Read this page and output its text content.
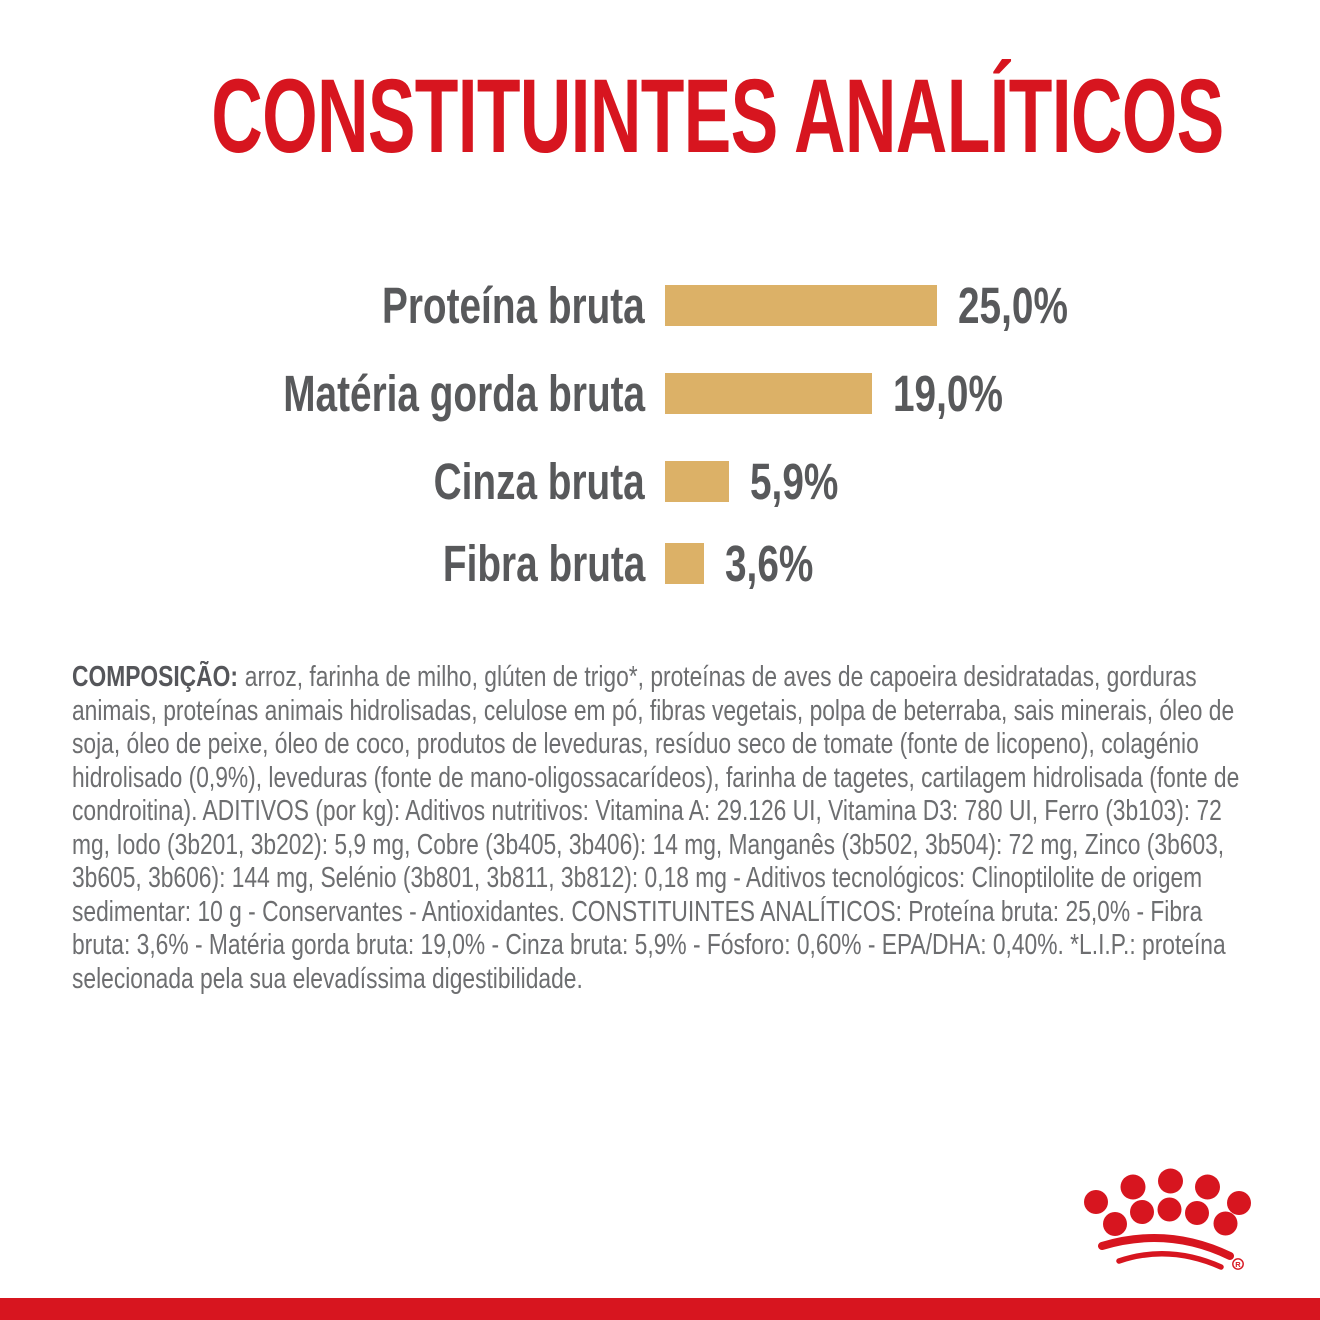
CONSTITUINTES ANALÍTICOS
Proteína bruta	25,0%
Matéria gorda bruta	19,0%
Cinza bruta 5,9%
Fibra bruta 3,6%

COMPOSIÇÃO: arroz, farinha de milho, glúten de trigo*, proteínas de aves de capoeira desidratadas, gorduras animais, proteínas animais hidrolisadas, celulose em pó, fibras vegetais, polpa de beterraba, sais minerais, óleo de soja, óleo de peixe, óleo de coco, produtos de leveduras, resíduo seco de tomate (fonte de licopeno), colagénio hidrolisado (0,9%), leveduras (fonte de mano-oligossacarídeos), farinha de tagetes, cartilagem hidrolisada (fonte de condroitina). ADITIVOS (por kg): Aditivos nutritivos: Vitamina A: 29.126 UI, Vitamina D3: 780 UI, Ferro (3b103): 72 mg, Iodo (3b201, 3b202): 5,9 mg, Cobre (3b405, 3b406): 14 mg, Manganês (3b502, 3b504): 72 mg, Zinco (3b603, 3b605, 3b606): 144 mg, Selénio (3b801, 3b811, 3b812): 0,18 mg - Aditivos tecnológicos: Clinoptilolite de origem sedimentar: 10 g - Conservantes - Antioxidantes. CONSTITUINTES ANALÍTICOS: Proteína bruta: 25,0% - Fibra bruta: 3,6% - Matéria gorda bruta: 19,0% - Cinza bruta: 5,9% - Fósforo: 0,60% - EPA/DHA: 0,40%. *L.I.P.: proteína selecionada pela sua elevadíssima digestibilidade.

R
